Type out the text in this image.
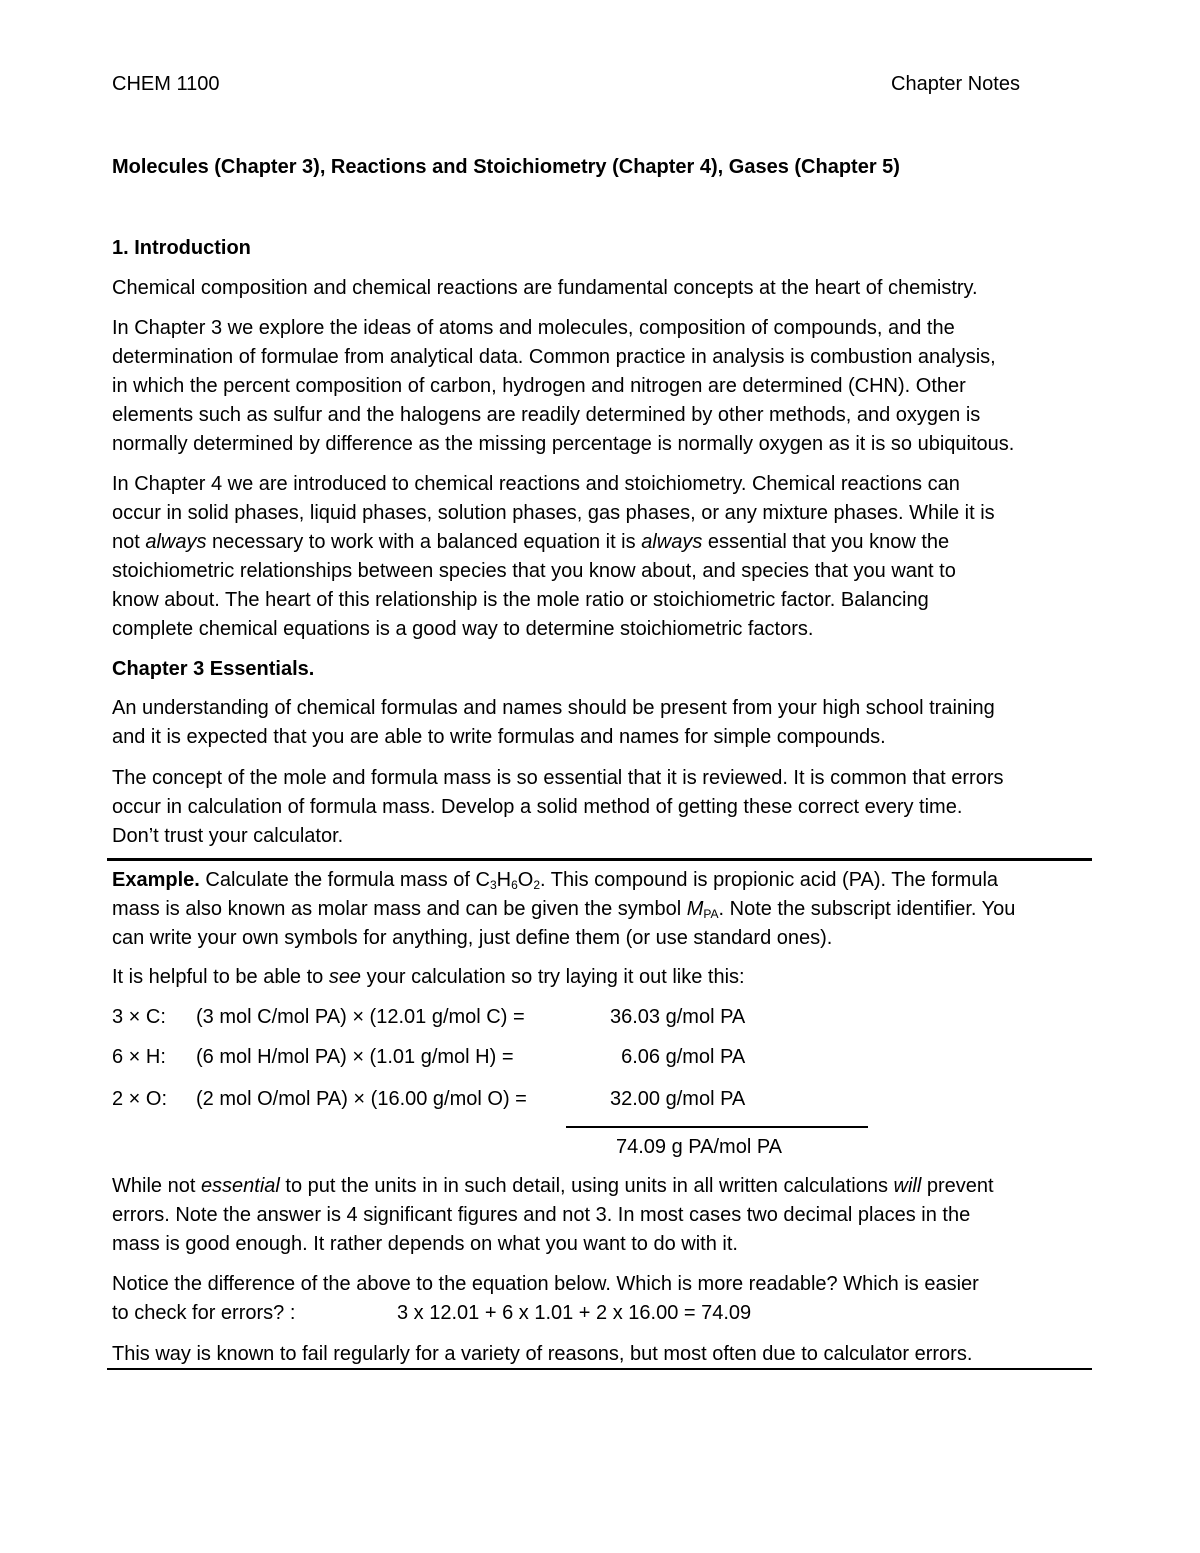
CHEM 1100	Chapter Notes
Molecules (Chapter 3), Reactions and Stoichiometry (Chapter 4), Gases (Chapter 5)
1. Introduction
Chemical composition and chemical reactions are fundamental concepts at the heart of chemistry.
In Chapter 3 we explore the ideas of atoms and molecules, composition of compounds, and the
determination of formulae from analytical data. Common practice in analysis is combustion analysis,
in which the percent composition of carbon, hydrogen and nitrogen are determined (CHN). Other
elements such as sulfur and the halogens are readily determined by other methods, and oxygen is
normally determined by difference as the missing percentage is normally oxygen as it is so ubiquitous.
In Chapter 4 we are introduced to chemical reactions and stoichiometry. Chemical reactions can
occur in solid phases, liquid phases, solution phases, gas phases, or any mixture phases. While it is
not always necessary to work with a balanced equation it is always essential that you know the
stoichiometric relationships between species that you know about, and species that you want to
know about. The heart of this relationship is the mole ratio or stoichiometric factor. Balancing
complete chemical equations is a good way to determine stoichiometric factors.
Chapter 3 Essentials.
An understanding of chemical formulas and names should be present from your high school training
and it is expected that you are able to write formulas and names for simple compounds.
The concept of the mole and formula mass is so essential that it is reviewed. It is common that errors
occur in calculation of formula mass. Develop a solid method of getting these correct every time.
Don’t trust your calculator.
Example. Calculate the formula mass of $C_3H_6O_2$. This compound is propionic acid (PA). The formula
mass is also known as molar mass and can be given the symbol $M_{PA}$. Note the subscript identifier. You
can write your own symbols for anything, just define them (or use standard ones).
It is helpful to be able to see your calculation so try laying it out like this:
3 × C: (3 mol C/mol PA) × (12.01 g/mol C) =	36.03 g/mol PA
6 × H: (6 mol H/mol PA) × (1.01 g/mol H) =	6.06 g/mol PA
2 × O: (2 mol O/mol PA) × (16.00 g/mol O) =	32.00 g/mol PA
74.09 g PA/mol PA
While not essential to put the units in in such detail, using units in all written calculations will prevent
errors. Note the answer is 4 significant figures and not 3. In most cases two decimal places in the
mass is good enough. It rather depends on what you want to do with it.
Notice the difference of the above to the equation below. Which is more readable? Which is easier
to check for errors? :	3 x 12.01 + 6 x 1.01 + 2 x 16.00 = 74.09
This way is known to fail regularly for a variety of reasons, but most often due to calculator errors.
